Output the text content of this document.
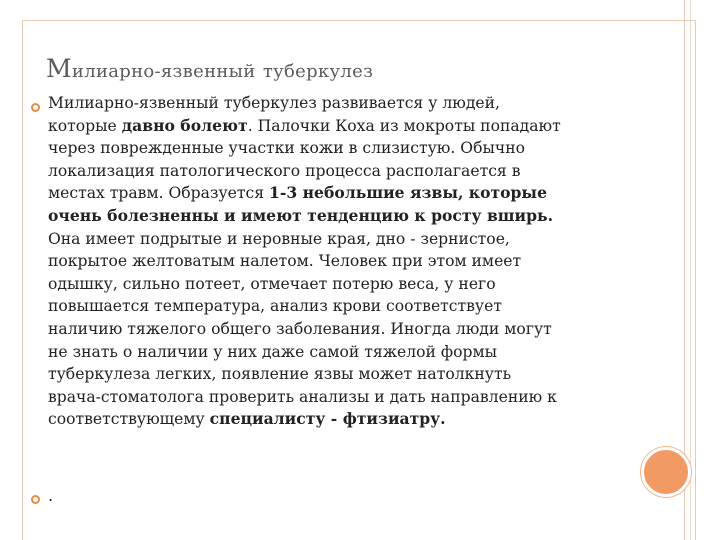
Милиарно-язвенный туберкулез
Милиарно-язвенный туберкулез развивается у людей,
которые давно болеют. Палочки Коха из мокроты попадают
через поврежденные участки кожи в слизистую. Обычно
локализация патологического процесса располагается в
местах травм. Образуется 1-3 небольшие язвы, которые
очень болезненны и имеют тенденцию к росту вширь.
Она имеет подрытые и неровные края, дно - зернистое,
покрытое желтоватым налетом. Человек при этом имеет
одышку, сильно потеет, отмечает потерю веса, у него
повышается температура, анализ крови соответствует
наличию тяжелого общего заболевания. Иногда люди могут
не знать о наличии у них даже самой тяжелой формы
туберкулеза легких, появление язвы может натолкнуть
врача-стоматолога проверить анализы и дать направлению к
соответствующему специалисту - фтизиатру.
.
